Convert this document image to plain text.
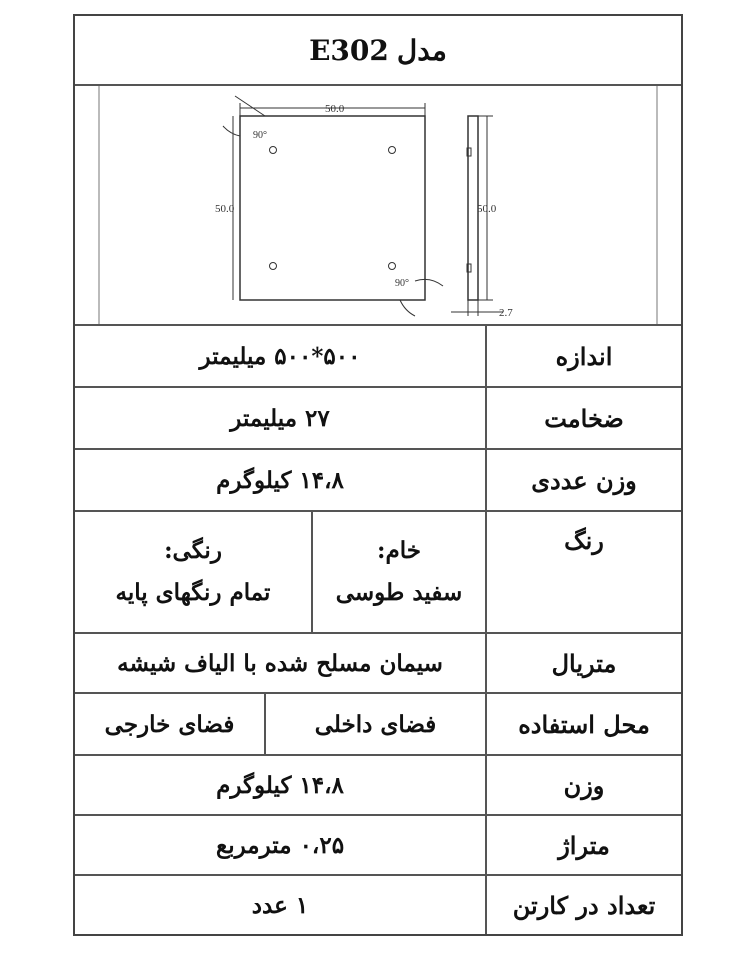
مدل
E302
50.0
50.0
90°
90°
50.0
2.7
اندازه
۵۰۰*۵۰۰ میلیمتر
ضخامت
۲۷ میلیمتر
وزن عددی
۱۴،۸ کیلوگرم
رنگ
خام:
سفید طوسی
رنگی:
تمام رنگهای پایه
متریال
سیمان مسلح شده با الیاف شیشه
محل استفاده
فضای داخلی
فضای خارجی
وزن
۱۴،۸ کیلوگرم
متراژ
۰،۲۵ مترمربع
تعداد در کارتن
۱ عدد
